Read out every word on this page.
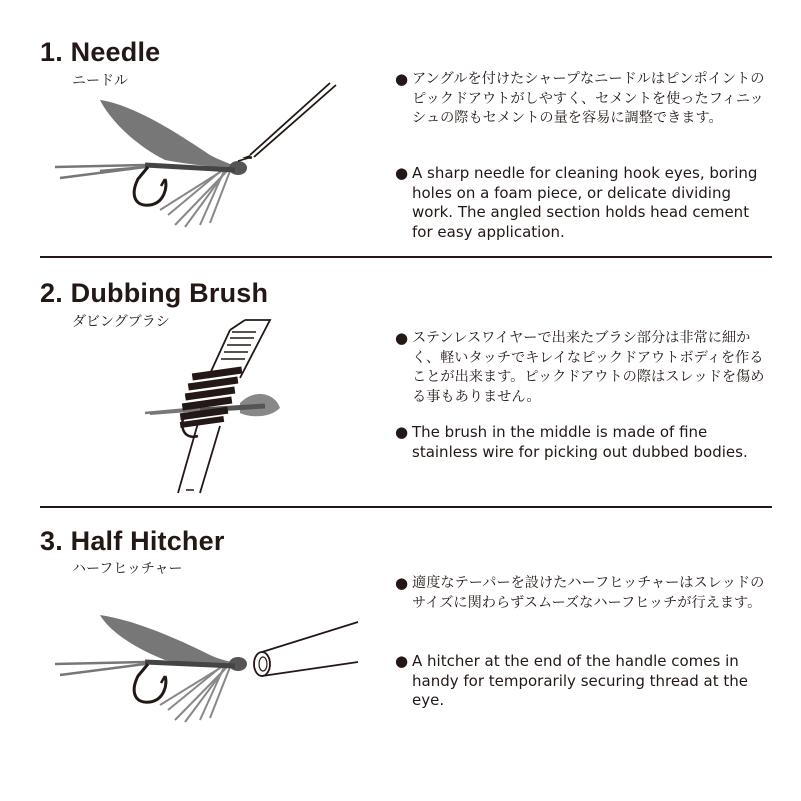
1. Needle
ニードル	● アングルを付けたシャープなニードルはピンポイントのピックドアウトがしやすく、セメントを使ったフィニッシュの際もセメントの量を容易に調整できます。
● A sharp needle for cleaning hook eyes, boring holes on a foam piece, or delicate dividing work. The angled section holds head cement for easy application.
2. Dubbing Brush
ダビングブラシ
● ステンレスワイヤーで出来たブラシ部分は非常に細かく、軽いタッチでキレイなピックドアウトボディを作ることが出来ます。ピックドアウトの際はスレッドを傷める事もありません。
● The brush in the middle is made of fine stainless wire for picking out dubbed bodies.
3. Half Hitcher
ハーフヒッチャー
● 適度なテーパーを設けたハーフヒッチャーはスレッドのサイズに関わらずスムーズなハーフヒッチが行えます。
● A hitcher at the end of the handle comes in handy for temporarily securing thread at the eye.
